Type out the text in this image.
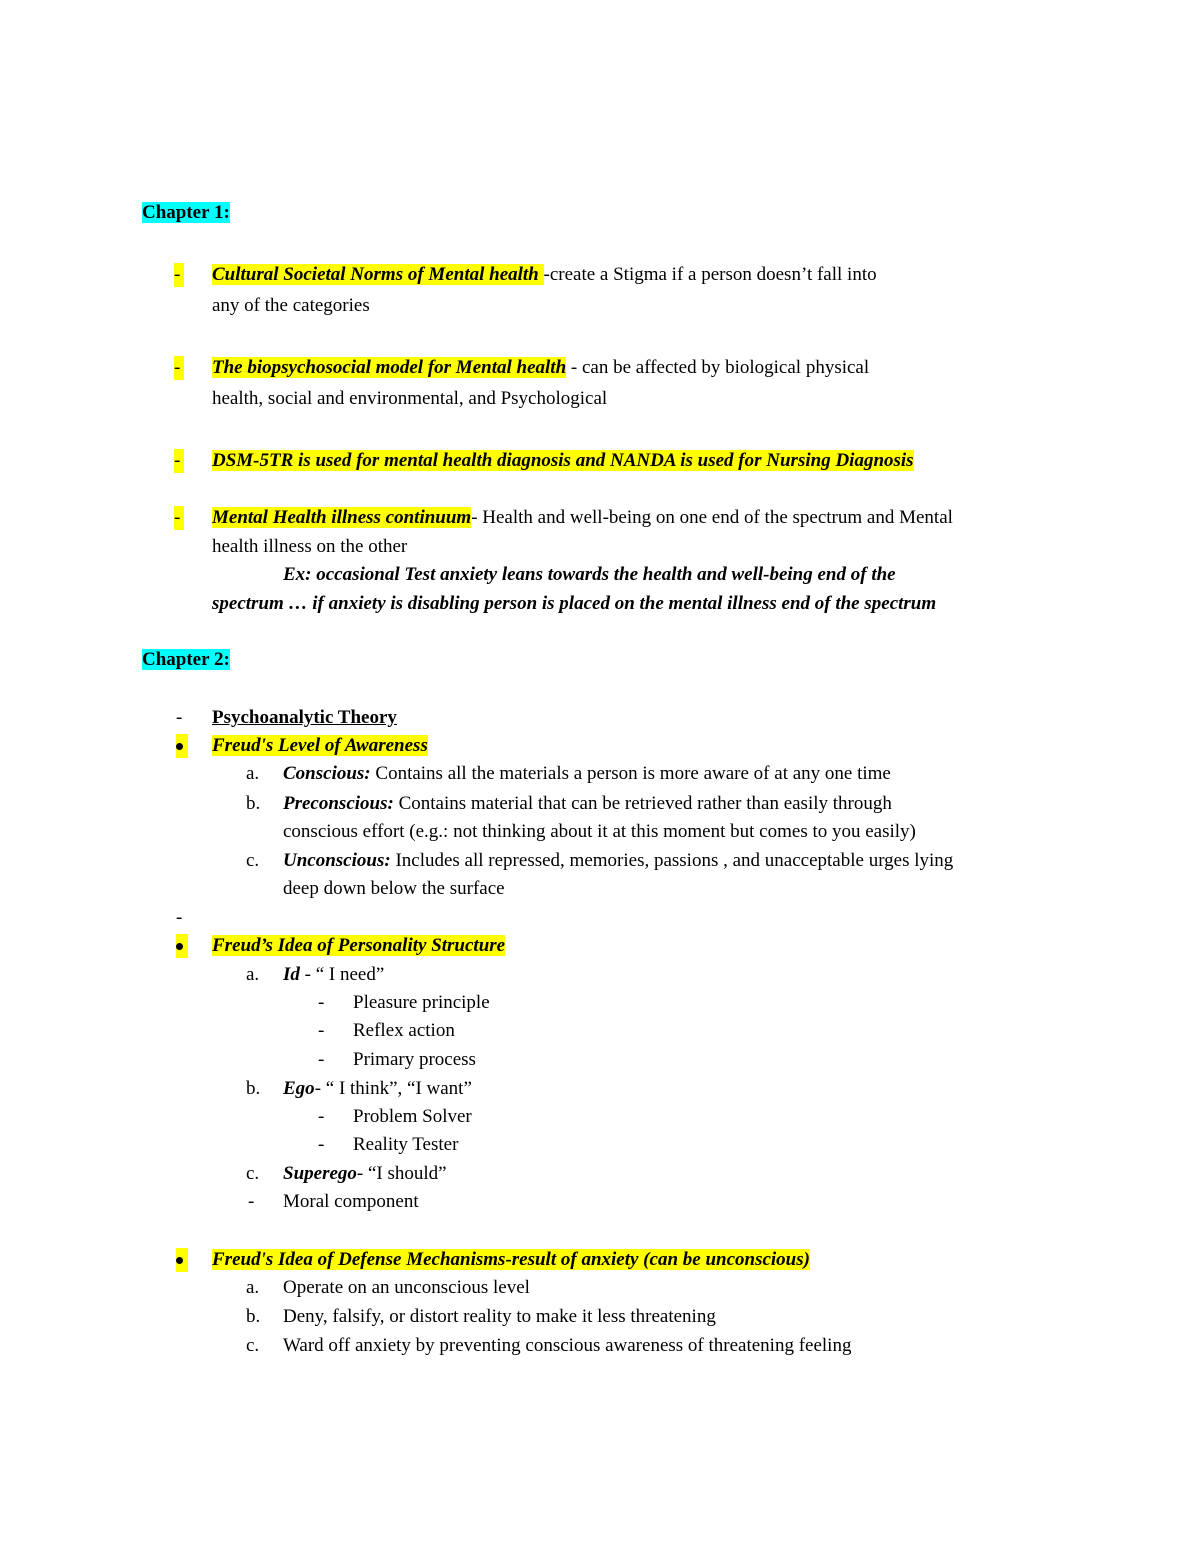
Chapter 1:
- Cultural Societal Norms of Mental health -create a Stigma if a person doesn’t fall into
any of the categories
- The biopsychosocial model for Mental health - can be affected by biological physical
health, social and environmental, and Psychological
- DSM-5TR is used for mental health diagnosis and NANDA is used for Nursing Diagnosis
- Mental Health illness continuum- Health and well-being on one end of the spectrum and Mental
health illness on the other
Ex: occasional Test anxiety leans towards the health and well-being end of the
spectrum … if anxiety is disabling person is placed on the mental illness end of the spectrum
Chapter 2:
- Psychoanalytic Theory
Freud's Level of Awareness
a. Conscious: Contains all the materials a person is more aware of at any one time
b. Preconscious: Contains material that can be retrieved rather than easily through
conscious effort (e.g.: not thinking about it at this moment but comes to you easily)
c. Unconscious: Includes all repressed, memories, passions , and unacceptable urges lying
deep down below the surface
-
Freud’s Idea of Personality Structure
a. Id - “ I need”
- Pleasure principle
- Reflex action
- Primary process
b. Ego- “ I think”, “I want”
- Problem Solver
- Reality Tester
c. Superego- “I should”
- Moral component
Freud's Idea of Defense Mechanisms-result of anxiety (can be unconscious)
a. Operate on an unconscious level
b. Deny, falsify, or distort reality to make it less threatening
c. Ward off anxiety by preventing conscious awareness of threatening feeling
